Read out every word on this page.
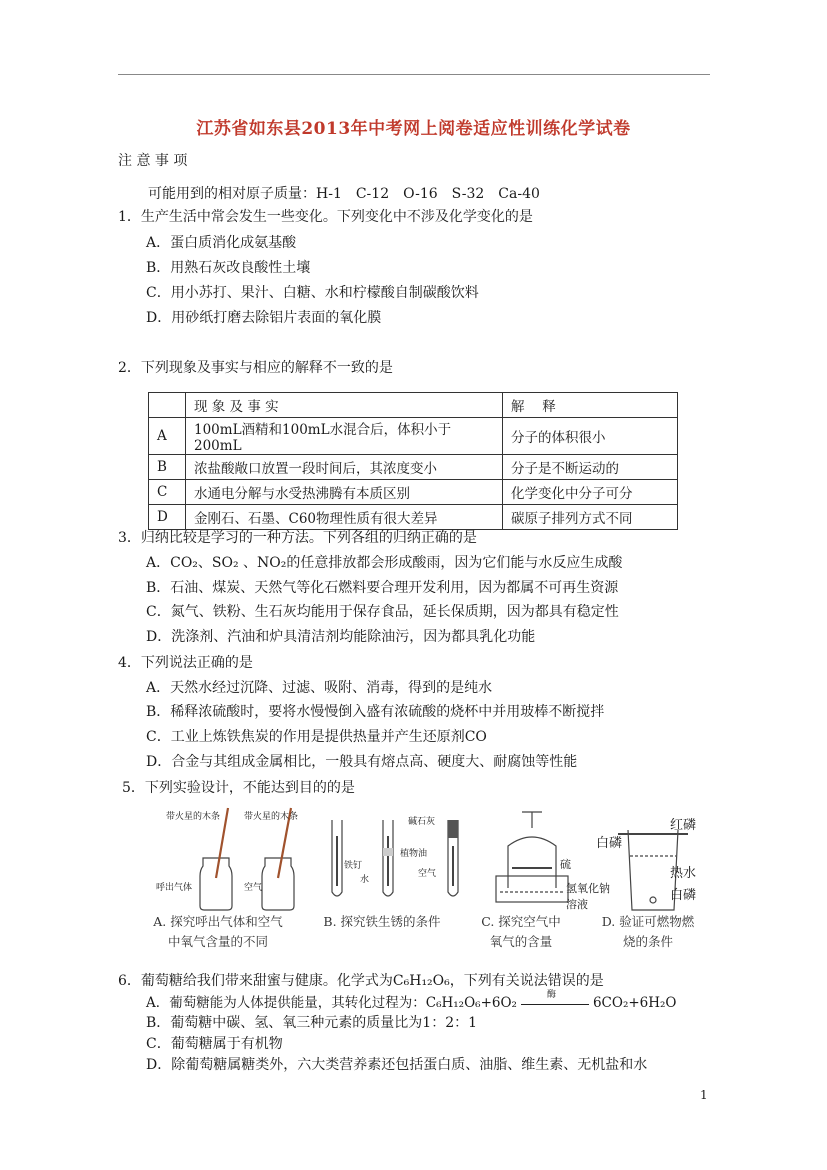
江苏省如东县2013年中考网上阅卷适应性训练化学试卷
注 意 事 项
可能用到的相对原子质量：H-1　C-12　O-16　S-32　Ca-40
1．生产生活中常会发生一些变化。下列变化中不涉及化学变化的是
A．蛋白质消化成氨基酸
B．用熟石灰改良酸性土壤
C．用小苏打、果汁、白糖、水和柠檬酸自制碳酸饮料
D．用砂纸打磨去除铝片表面的氧化膜
2．下列现象及事实与相应的解释不一致的是
	现 象 及 事 实	解　 释
A	100mL酒精和100mL水混合后，体积小于200mL	分子的体积很小
B	浓盐酸敞口放置一段时间后，其浓度变小	分子是不断运动的
C	水通电分解与水受热沸腾有本质区别	化学变化中分子可分
D	金刚石、石墨、C60物理性质有很大差异	碳原子排列方式不同
3．归纳比较是学习的一种方法。下列各组的归纳正确的是
A．CO₂、SO₂ 、NO₂的任意排放都会形成酸雨，因为它们能与水反应生成酸
B．石油、煤炭、天然气等化石燃料要合理开发利用，因为都属不可再生资源
C．氮气、铁粉、生石灰均能用于保存食品，延长保质期，因为都具有稳定性
D．洗涤剂、汽油和炉具清洁剂均能除油污，因为都具乳化功能
4．下列说法正确的是
A．天然水经过沉降、过滤、吸附、消毒，得到的是纯水
B．稀释浓硫酸时，要将水慢慢倒入盛有浓硫酸的烧杯中并用玻棒不断搅拌
C．工业上炼铁焦炭的作用是提供热量并产生还原剂CO
D．合金与其组成金属相比，一般具有熔点高、硬度大、耐腐蚀等性能
5．下列实验设计，不能达到目的的是
带火星的木条	带火星的木条
呼出气体	空气
铁钉
水
植物油
碱石灰
空气
硫
氢氧化钠溶液
白磷
红磷
热水
白磷
A. 探究呼出气体和空气中氧气含量的不同
B. 探究铁生锈的条件	C. 探究空气中氧气的含量
D. 验证可燃物燃烧的条件
6．葡萄糖给我们带来甜蜜与健康。化学式为C₆H₁₂O₆，下列有关说法错误的是
A．葡萄糖能为人体提供能量，其转化过程为：C₆H₁₂O₆+6O₂
酶
6CO₂+6H₂O
B．葡萄糖中碳、氢、氧三种元素的质量比为1：2：1
C．葡萄糖属于有机物
D．除葡萄糖属糖类外，六大类营养素还包括蛋白质、油脂、维生素、无机盐和水
1
